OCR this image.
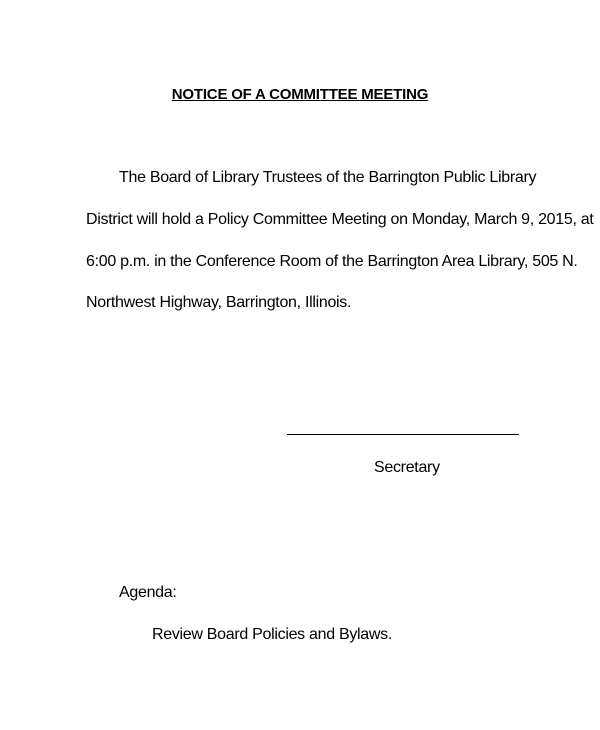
NOTICE OF A COMMITTEE MEETING
The Board of Library Trustees of the Barrington Public Library
District will hold a Policy Committee Meeting on Monday, March 9, 2015, at
6:00 p.m. in the Conference Room of the Barrington Area Library, 505 N.
Northwest Highway, Barrington, Illinois.
Secretary
Agenda:
Review Board Policies and Bylaws.
